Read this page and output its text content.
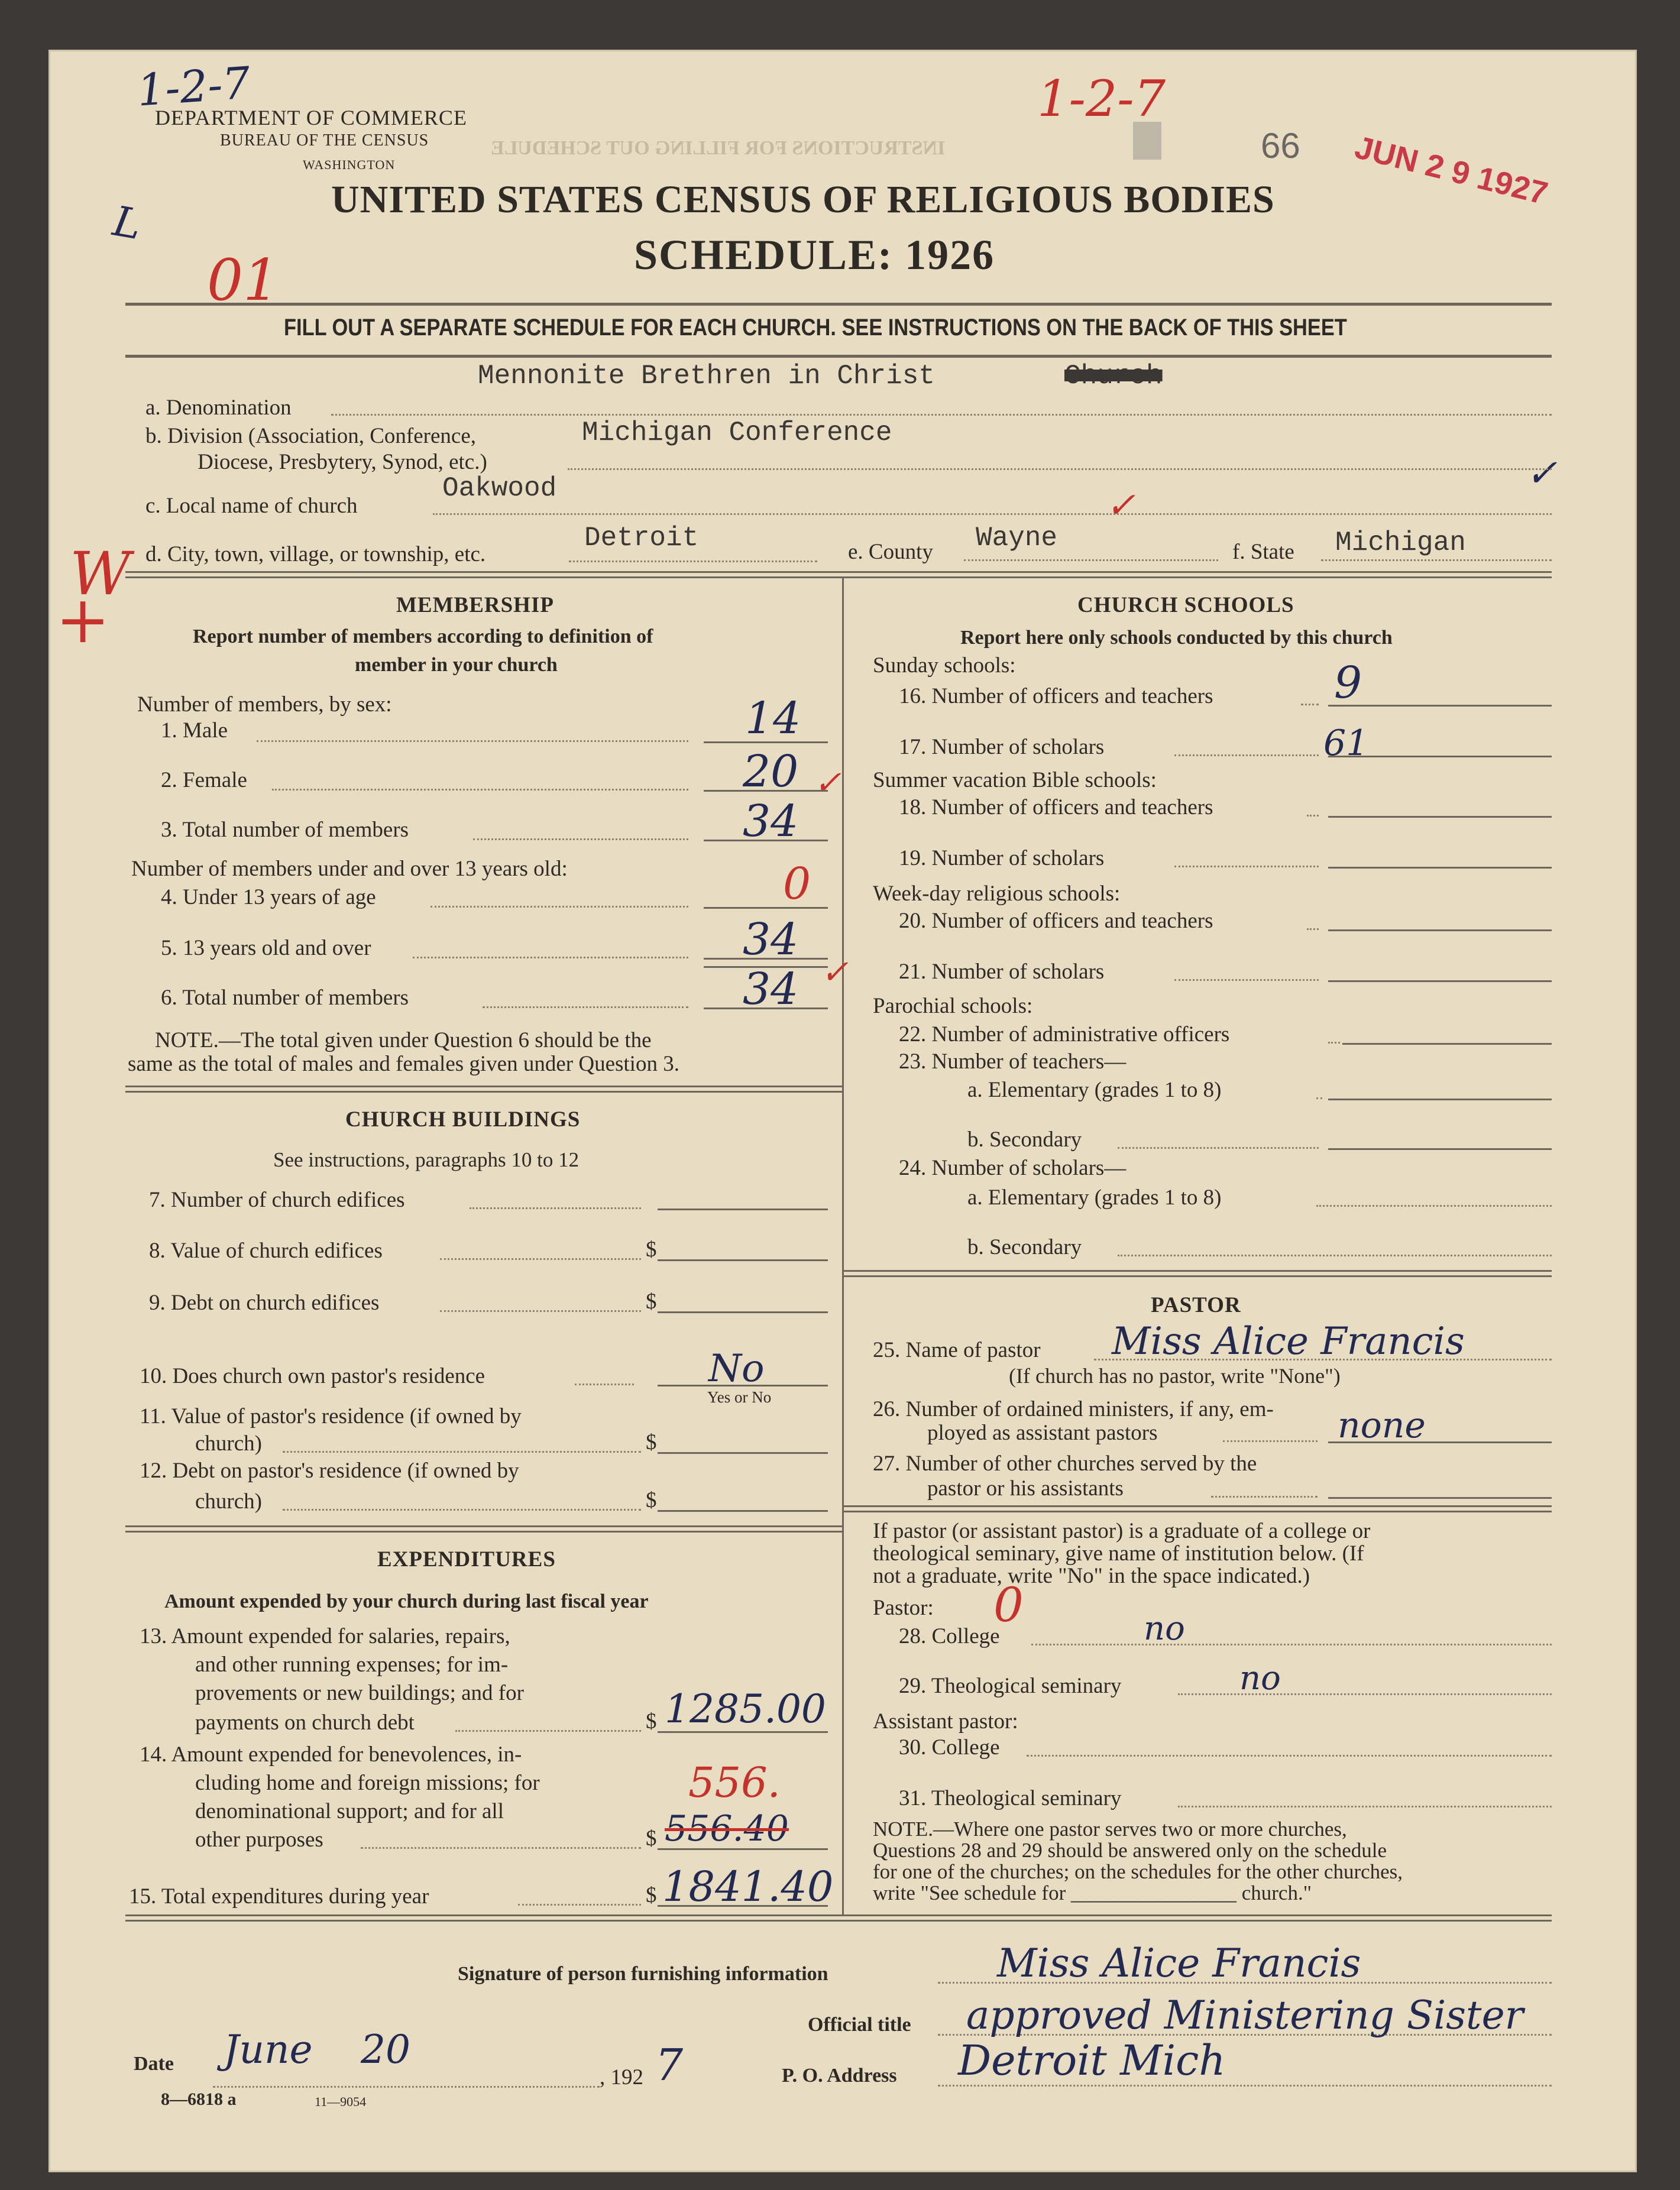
INSTRUCTIONS FOR FILLING OUT SCHEDULE
DEPARTMENT OF COMMERCE
BUREAU OF THE CENSUS
WASHINGTON
UNITED STATES CENSUS OF RELIGIOUS BODIES
SCHEDULE: 1926
FILL OUT A SEPARATE SCHEDULE FOR EACH CHURCH. SEE INSTRUCTIONS ON THE BACK OF THIS SHEET
66 JUN 2 9 1927
1-2-7	1-2-7
01
L
W
+
✓
✓
Mennonite Brethren in Christ	Church
a. Denomination
b. Division (Association, Conference,
Diocese, Presbytery, Synod, etc.)
Michigan Conference
Oakwood
c. Local name of church
Detroit
d. City, town, village, or township, etc.	e. County Wayne	f. State Michigan
MEMBERSHIP
Report number of members according to definition of
member in your church
Number of members, by sex:
1. Male	14
2. Female	20 ✓
3. Total number of members	34
Number of members under and over 13 years old:
4. Under 13 years of age	0
5. 13 years old and over	34
6. Total number of members	34 ✓
NOTE.—The total given under Question 6 should be the
same as the total of males and females given under Question 3.
CHURCH BUILDINGS
See instructions, paragraphs 10 to 12
7. Number of church edifices
8. Value of church edifices	$
9. Debt on church edifices	$
10. Does church own pastor's residence	No
Yes or No
11. Value of pastor's residence (if owned by
church)	$
12. Debt on pastor's residence (if owned by
church)	$
EXPENDITURES
Amount expended by your church during last fiscal year
13. Amount expended for salaries, repairs,
and other running expenses; for im-
provements or new buildings; and for
payments on church debt	$ 1285.00
14. Amount expended for benevolences, in-
cluding home and foreign missions; for
denominational support; and for all
other purposes
556.
$ 556.40
15. Total expenditures during year	$ 1841.40
CHURCH SCHOOLS
Report here only schools conducted by this church
Sunday schools:
16. Number of officers and teachers	9
17. Number of scholars	61
Summer vacation Bible schools:
18. Number of officers and teachers
19. Number of scholars
Week-day religious schools:
20. Number of officers and teachers
21. Number of scholars
Parochial schools:
22. Number of administrative officers
23. Number of teachers—
a. Elementary (grades 1 to 8)
b. Secondary
24. Number of scholars—
a. Elementary (grades 1 to 8)
b. Secondary
PASTOR
25. Name of pastor Miss Alice Francis
(If church has no pastor, write "None")
26. Number of ordained ministers, if any, em-
ployed as assistant pastors	none
27. Number of other churches served by the
pastor or his assistants
If pastor (or assistant pastor) is a graduate of a college or
theological seminary, give name of institution below. (If
not a graduate, write "No" in the space indicated.)
Pastor: 0
28. College	no
29. Theological seminary	no
Assistant pastor:
30. College
31. Theological seminary
NOTE.—Where one pastor serves two or more churches,
Questions 28 and 29 should be answered only on the schedule
for one of the churches; on the schedules for the other churches,
write "See schedule for ________________ church."
Signature of person furnishing information	Miss Alice Francis
Official title approved Ministering Sister
Date June 20
, 192 7	P. O. Address Detroit Mich
8—6818 a	11—9054
